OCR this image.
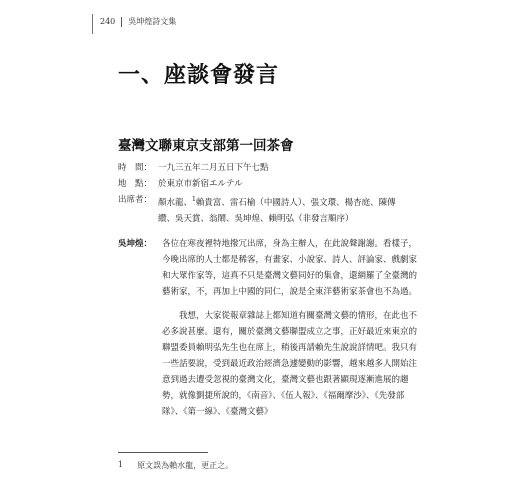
240 吳坤煌詩文集
一、座談會發言
臺灣文聯東京支部第一回茶會
時　間： 一九三五年二月五日下午七點
地　點： 於東京市新宿エルテル
出席者： 顏水龍、$^1$賴貴富、雷石榆（中國詩人）、張文環、楊杏庭、陳傳纘、吳天賞、翁鬧、吳坤煌、賴明弘（非發言順序）
吳坤煌：	各位在寒夜裡特地撥冗出席，身為主辦人，在此說聲謝謝。看樣子，今晚出席的人士都是稀客，有畫家、小說家、詩人、評論家、戲劇家和大眾作家等，這真不只是臺灣文藝同好的集會，還網羅了全臺灣的藝術家，不，再加上中國的同仁，說是全東洋藝術家茶會也不為過。
我想，大家從報章雜誌上都知道有關臺灣文藝的情形，在此也不必多說甚麼。還有，關於臺灣文藝聯盟成立之事，正好最近來東京的聯盟委員賴明弘先生也在席上，稍後再請賴先生說說詳情吧。我只有一些話要說，受到最近政治經濟急遽變動的影響，越來越多人開始注意到過去遭受忽視的臺灣文化，臺灣文藝也跟著顯現逐漸進展的趨勢，就像劉捷所說的，《南音》、《伍人報》、《福爾摩沙》、《先發部隊》、《第一線》、《臺灣文藝》
1 原文誤為賴水龍，更正之。
